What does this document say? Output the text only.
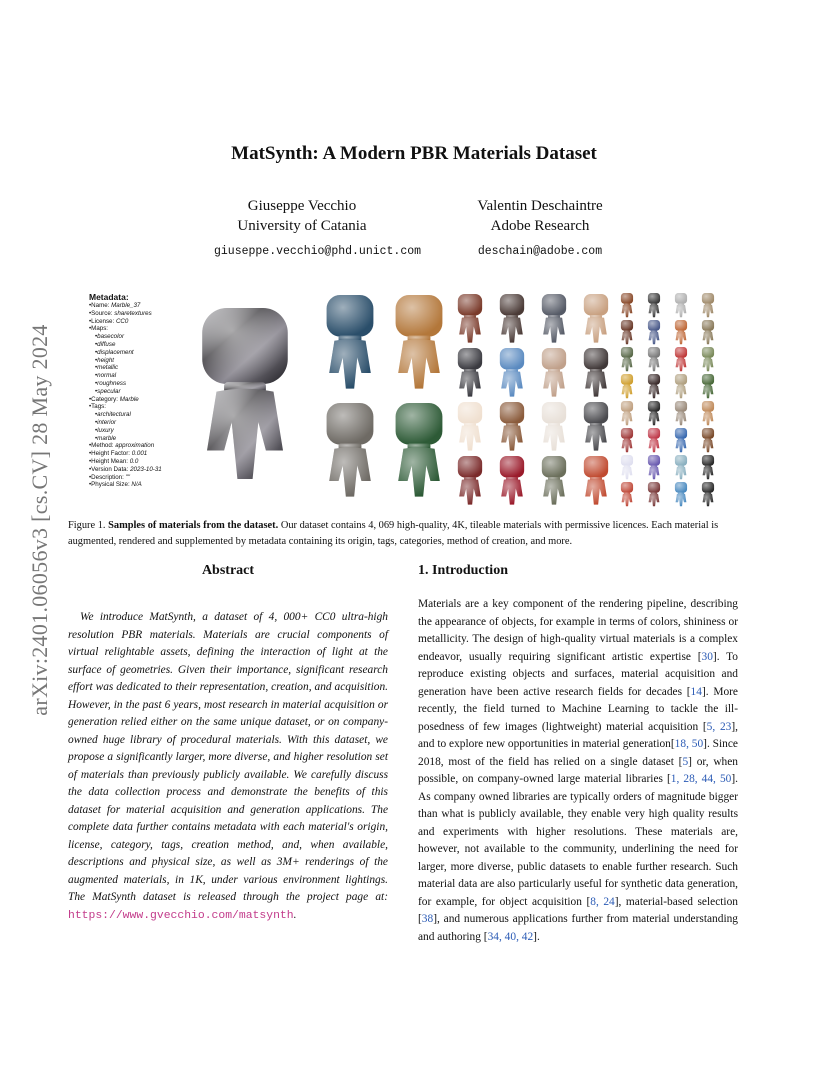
arXiv:2401.06056v3 [cs.CV] 28 May 2024
MatSynth: A Modern PBR Materials Dataset
Giuseppe Vecchio
University of Catania
giuseppe.vecchio@phd.unict.com
Valentin Deschaintre
Adobe Research
deschain@adobe.com
Metadata:
•Name: Marble_37
•Source: sharetextures
•License: CC0
•Maps:
•basecolor
•diffuse
•displacement
•height
•metallic
•normal
•roughness
•specular
•Category: Marble
•Tags:
•architectural
•interior
•luxury
•marble
•Method: approximation
•Height Factor: 0.001
•Height Mean: 0.0
•Version Data: 2023-10-31
•Description: ""
•Physical Size: N/A
Figure 1. Samples of materials from the dataset. Our dataset contains 4, 069 high-quality, 4K, tileable materials with permissive licences. Each material is augmented, rendered and supplemented by metadata containing its origin, tags, categories, method of creation, and more.
Abstract
We introduce MatSynth, a dataset of 4, 000+ CC0 ultra-high resolution PBR materials. Materials are crucial components of virtual relightable assets, defining the interaction of light at the surface of geometries. Given their importance, significant research effort was dedicated to their representation, creation, and acquisition. However, in the past 6 years, most research in material acquisition or generation relied either on the same unique dataset, or on company-owned huge library of procedural materials. With this dataset, we propose a significantly larger, more diverse, and higher resolution set of materials than previously publicly available. We carefully discuss the data collection process and demonstrate the benefits of this dataset for material acquisition and generation applications. The complete data further contains metadata with each material's origin, license, category, tags, creation method, and, when available, descriptions and physical size, as well as 3M+ renderings of the augmented materials, in 1K, under various environment lightings. The MatSynth dataset is released through the project page at: https://www.gvecchio.com/matsynth.
1. Introduction
Materials are a key component of the rendering pipeline, describing the appearance of objects, for example in terms of colors, shininess or metallicity. The design of high-quality virtual materials is a complex endeavor, usually requiring significant artistic expertise [30]. To reproduce existing objects and surfaces, material acquisition and generation have been active research fields for decades [14]. More recently, the field turned to Machine Learning to tackle the ill-posedness of few images (lightweight) material acquisition [5, 23], and to explore new opportunities in material generation[18, 50]. Since 2018, most of the field has relied on a single dataset [5] or, when possible, on company-owned large material libraries [1, 28, 44, 50]. As company owned libraries are typically orders of magnitude bigger than what is publicly available, they enable very high quality results and experiments with higher resolutions. These materials are, however, not available to the community, underlining the need for larger, more diverse, public datasets to enable further research. Such material data are also particularly useful for synthetic data generation, for example, for object acquisition [8, 24], material-based selection [38], and numerous applications further from material understanding and authoring [34, 40, 42].
